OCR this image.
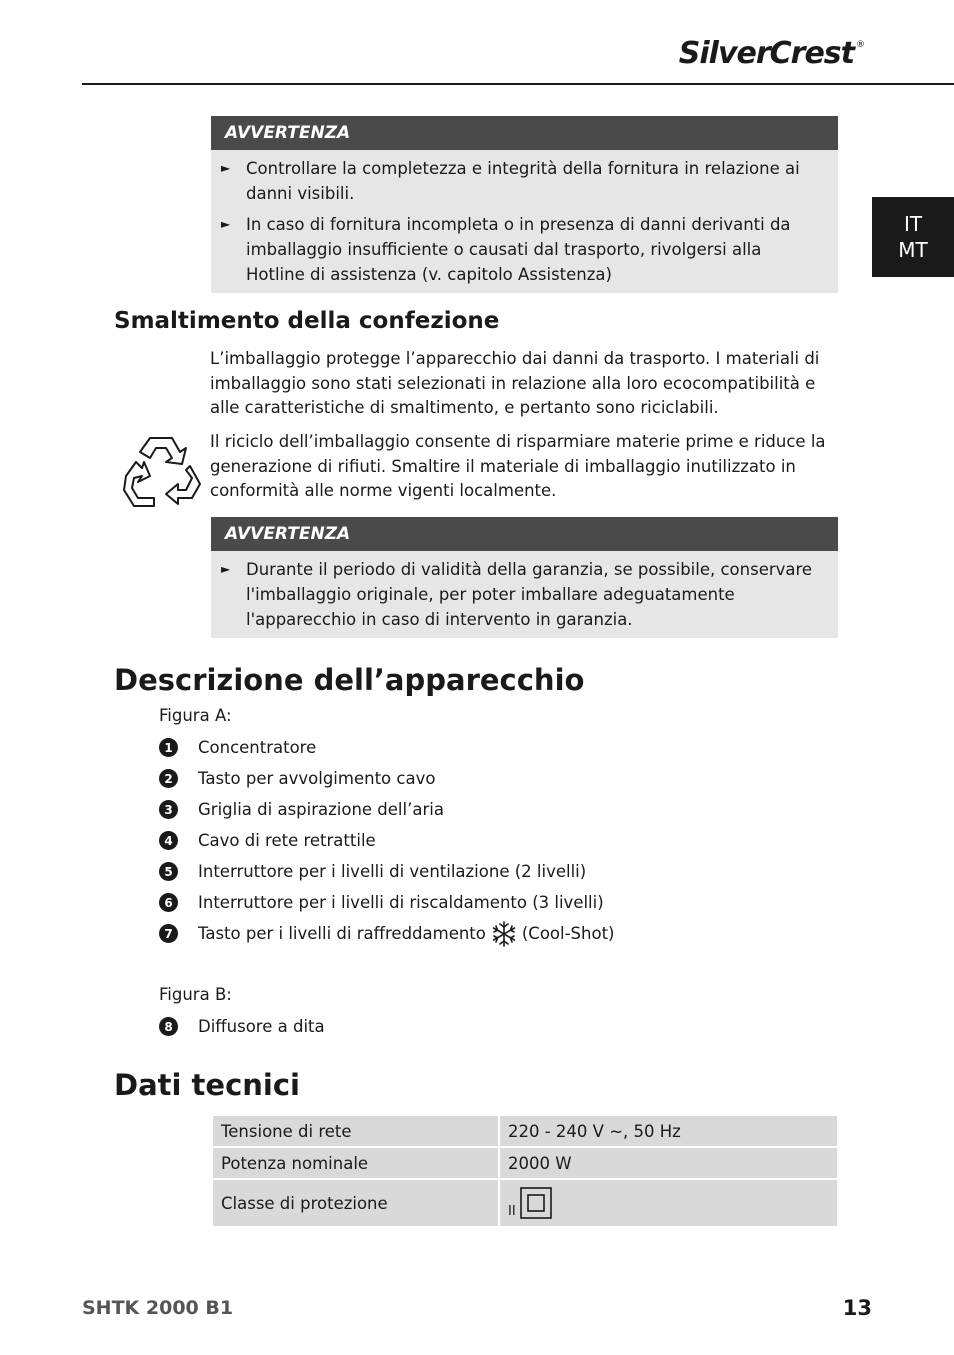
SilverCrest ®
IT
MT
AVVERTENZA
► Controllare la completezza e integrità della fornitura in relazione ai danni visibili.
► In caso di fornitura incompleta o in presenza di danni derivanti da imballaggio insufficiente o causati dal trasporto, rivolgersi alla Hotline di assistenza (v. capitolo Assistenza)
Smaltimento della confezione

L’imballaggio protegge l’apparecchio dai danni da trasporto. I materiali di imballaggio sono stati selezionati in relazione alla loro ecocompatibilità e alle caratteristiche di smaltimento, e pertanto sono riciclabili.

Il riciclo dell’imballaggio consente di risparmiare materie prime e riduce la generazione di rifiuti. Smaltire il materiale di imballaggio inutilizzato in conformità alle norme vigenti localmente.

AVVERTENZA
► Durante il periodo di validità della garanzia, se possibile, conservare l'imballaggio originale, per poter imballare adeguatamente l'apparecchio in caso di intervento in garanzia.
Descrizione dell’apparecchio
Figura A:
1	Concentratore
2	Tasto per avvolgimento cavo
3	Griglia di aspirazione dell’aria
4	Cavo di rete retrattile
5	Interruttore per i livelli di ventilazione (2 livelli)
6	Interruttore per i livelli di riscaldamento (3 livelli)
7	Tasto per i livelli di raffreddamento (Cool-Shot)
Figura B:
8	Diffusore a dita
Dati tecnici
Tensione di rete	220 - 240 V ~, 50 Hz
Potenza nominale	2000 W
Classe di protezione	II
SHTK 2000 B1	13
